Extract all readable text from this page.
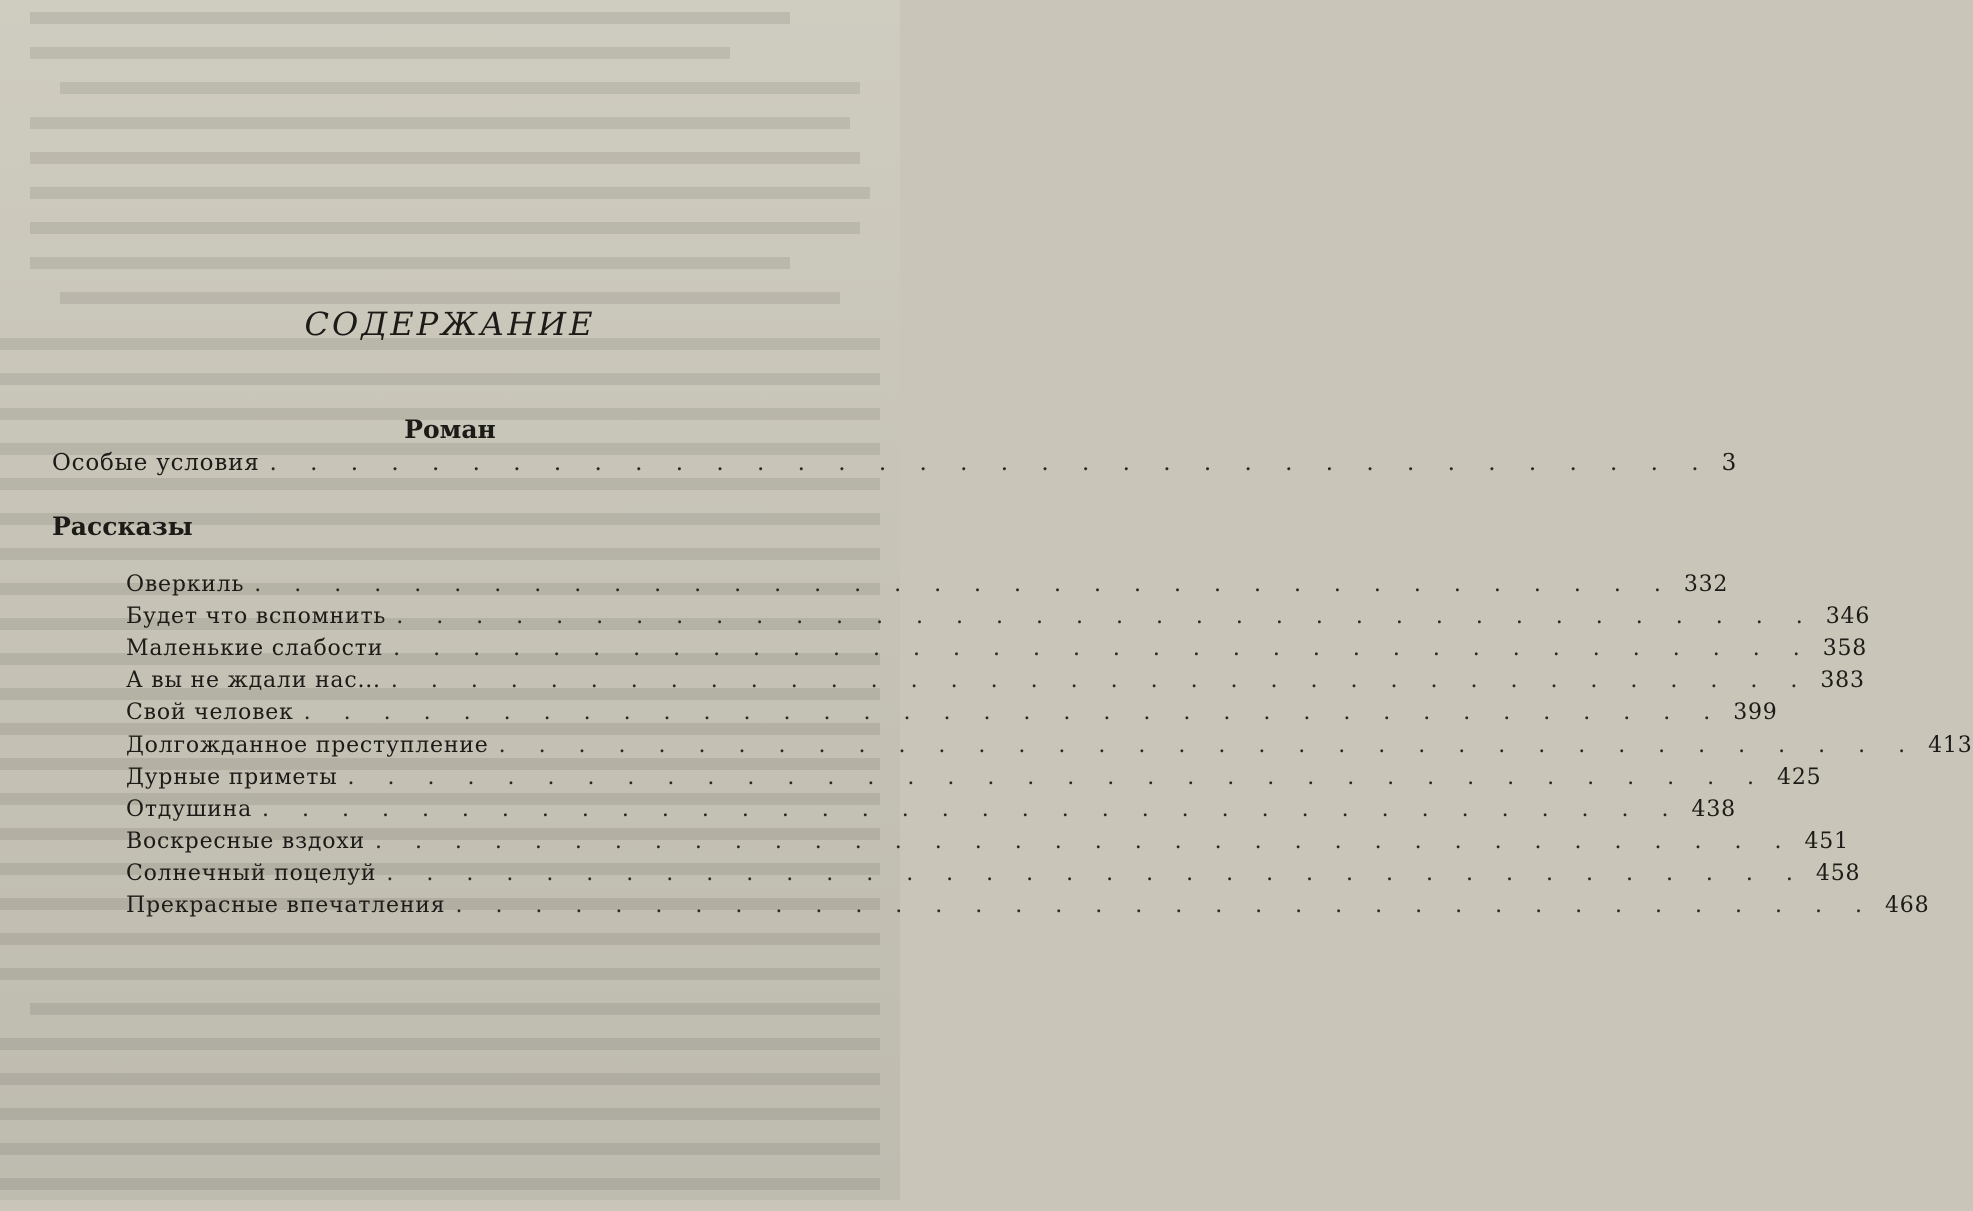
СОДЕРЖАНИЕ
Роман
Особые условия . . . . . . . . . . . . . . . . . . . . . . . . . . . . . . . . . . . . 3
Рассказы
Оверкиль . . . . . . . . . . . . . . . . . . . . . . . . . . . . . . . . . . . . 332
Будет что вспомнить . . . . . . . . . . . . . . . . . . . . . . . . . . . . . . . . . . . . 346
Маленькие слабости . . . . . . . . . . . . . . . . . . . . . . . . . . . . . . . . . . . . 358
А вы не ждали нас... . . . . . . . . . . . . . . . . . . . . . . . . . . . . . . . . . . . . 383
Свой человек . . . . . . . . . . . . . . . . . . . . . . . . . . . . . . . . . . . . 399
Долгожданное преступление . . . . . . . . . . . . . . . . . . . . . . . . . . . . . . . . . . . . 413
Дурные приметы . . . . . . . . . . . . . . . . . . . . . . . . . . . . . . . . . . . . 425
Отдушина . . . . . . . . . . . . . . . . . . . . . . . . . . . . . . . . . . . . 438
Воскресные вздохи . . . . . . . . . . . . . . . . . . . . . . . . . . . . . . . . . . . . 451
Солнечный поцелуй . . . . . . . . . . . . . . . . . . . . . . . . . . . . . . . . . . . . 458
Прекрасные впечатления . . . . . . . . . . . . . . . . . . . . . . . . . . . . . . . . . . . . 468
